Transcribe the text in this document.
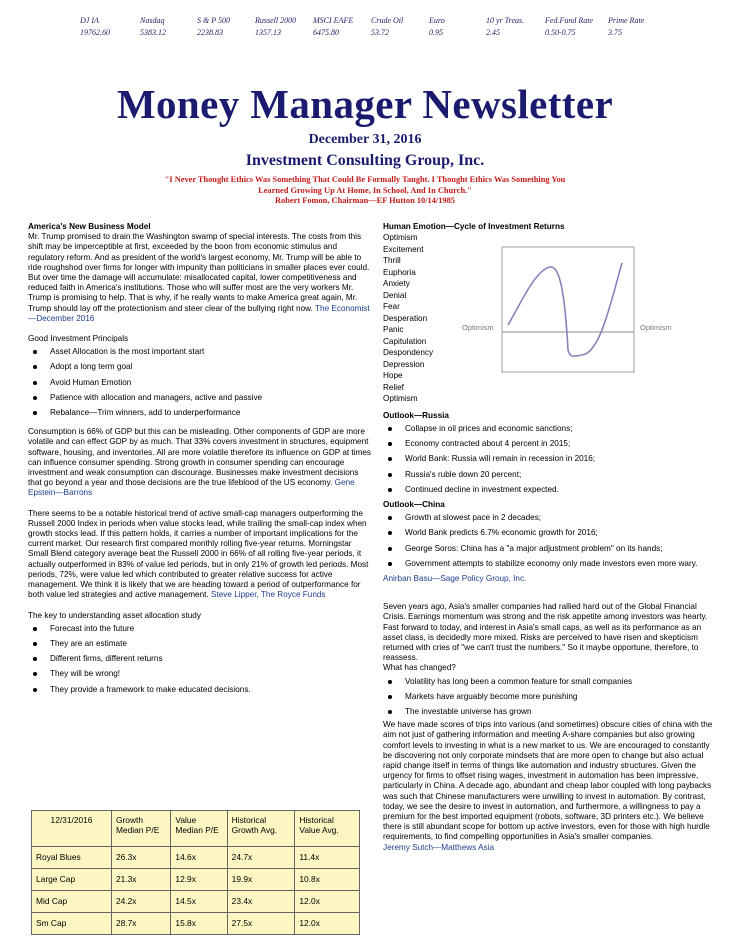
DJ IA
19762.60
Nasdaq
5383.12
S & P 500
2238.83
Russell 2000
1357.13
MSCI EAFE
6475.80
Crude Oil
53.72
Euro
0.95
10 yr Treas.
2.45
Fed.Fund Rate
0.50-0.75
Prime Rate
3.75
Money Manager Newsletter
December 31, 2016
Investment Consulting Group, Inc.
"I Never Thought Ethics Was Something That Could Be Formally Taught. I Thought Ethics Was Something You Learned Growing Up At Home, In School, And In Church."
Robert Fomon, Chairman—EF Hutton 10/14/1985

America's New Business Model

Mr. Trump promised to drain the Washington swamp of special interests. The costs from this shift may be imperceptible at first, exceeded by the boon from economic stimulus and regulatory reform. And as president of the world's largest economy, Mr. Trump will be able to ride roughshod over firms for longer with impunity than politicians in smaller places ever could. But over time the damage will accumulate: misallocated capital, lower competitiveness and reduced faith in America's institutions. Those who will suffer most are the very workers Mr. Trump is promising to help. That is why, if he really wants to make America great again, Mr. Trump should lay off the protectionism and steer clear of the bullying right now. The Economist—December 2016

Good Investment Principals

Asset Allocation is the most important start
Adopt a long term goal
Avoid Human Emotion
Patience with allocation and managers, active and passive
Rebalance—Trim winners, add to underperformance

Consumption is 66% of GDP but this can be misleading. Other components of GDP are more volatile and can effect GDP by as much. That 33% covers investment in structures, equipment software, housing, and inventories. All are more volatile therefore its influence on GDP at times can influence consumer spending. Strong growth in consumer spending can encourage investment and weak consumption can discourage. Businesses make investment decisions that go beyond a year and those decisions are the true lifeblood of the US economy. Gene Epstein—Barrons

There seems to be a notable historical trend of active small-cap managers outperforming the Russell 2000 Index in periods when value stocks lead, while trailing the small-cap index when growth stocks lead. If this pattern holds, it carries a number of important implications for the current market. Our research first compared monthly rolling five-year returns. Morningstar Small Blend category average beat the Russell 2000 in 66% of all rolling five-year periods, it actually outperformed in 83% of value led periods, but in only 21% of growth led periods. Most periods, 72%, were value led which contributed to greater relative success for active management. We think it is likely that we are heading toward a period of outperformance for both value led strategies and active management. Steve Lipper, The Royce Funds

The key to understanding asset allocation study

Forecast into the future
They are an estimate
Different firms, different returns
They will be wrong!
They provide a framework to make educated decisions.
12/31/2016	Growth Median P/E	Value Median P/E	Historical Growth Avg.	Historical Value Avg.
Royal Blues	26.3x	14.6x	24.7x	11.4x
Large Cap	21.3x	12.9x	19.9x	10.8x
Mid Cap	24.2x	14.5x	23.4x	12.0x
Sm Cap	28.7x	15.8x	27.5x	12.0x

Human Emotion—Cycle of Investment Returns

Optimism

Excitement

Thrill

Euphoria

Anxiety

Denial

Fear

Desperation

Panic

Capitulation

Despondency

Depression

Hope

Relief

Optimism

Outlook—Russia

Collapse in oil prices and economic sanctions;
Economy contracted about 4 percent in 2015;
World Bank: Russia will remain in recession in 2016;
Russia's ruble down 20 percent;
Continued decline in investment expected.

Outlook—China

Growth at slowest pace in 2 decades;
World Bank predicts 6.7% economic growth for 2016;
George Soros: China has a "a major adjustment problem" on its hands;
Government attempts to stabilize economy only made investors even more wary.

Anirban Basu—Sage Policy Group, Inc.

Seven years ago, Asia's smaller companies had rallied hard out of the Global Financial Crisis. Earnings momentum was strong and the risk appetite among investors was hearty. Fast forward to today, and interest in Asia's small caps, as well as its performance as an asset class, is decidedly more mixed. Risks are perceived to have risen and skepticism returned with cries of "we can't trust the numbers." So it maybe opportune, therefore, to reassess.

What has changed?

Volatility has long been a common feature for small companies
Markets have arguably become more punishing
The investable universe has grown

We have made scores of trips into various (and sometimes) obscure cities of china with the aim not just of gathering information and meeting A-share companies but also growing comfort levels to investing in what is a new market to us. We are encouraged to constantly be discovering not only corporate mindsets that are more open to change but also actual rapid change itself in terms of things like automation and industry structures. Given the urgency for firms to offset rising wages, investment in automation has been impressive, particularly in China. A decade ago, abundant and cheap labor coupled with long paybacks was such that Chinese manufacturers were unwilling to invest in automation. By contrast, today, we see the desire to invest in automation, and furthermore, a willingness to pay a premium for the best imported equipment (robots, software, 3D printers etc.). We believe there is still abundant scope for bottom up active investors, even for those with high hurdle requirements, to find compelling opportunities in Asia's smaller companies.

Jeremy Sutch—Matthews Asia

Optimism	Optimism
